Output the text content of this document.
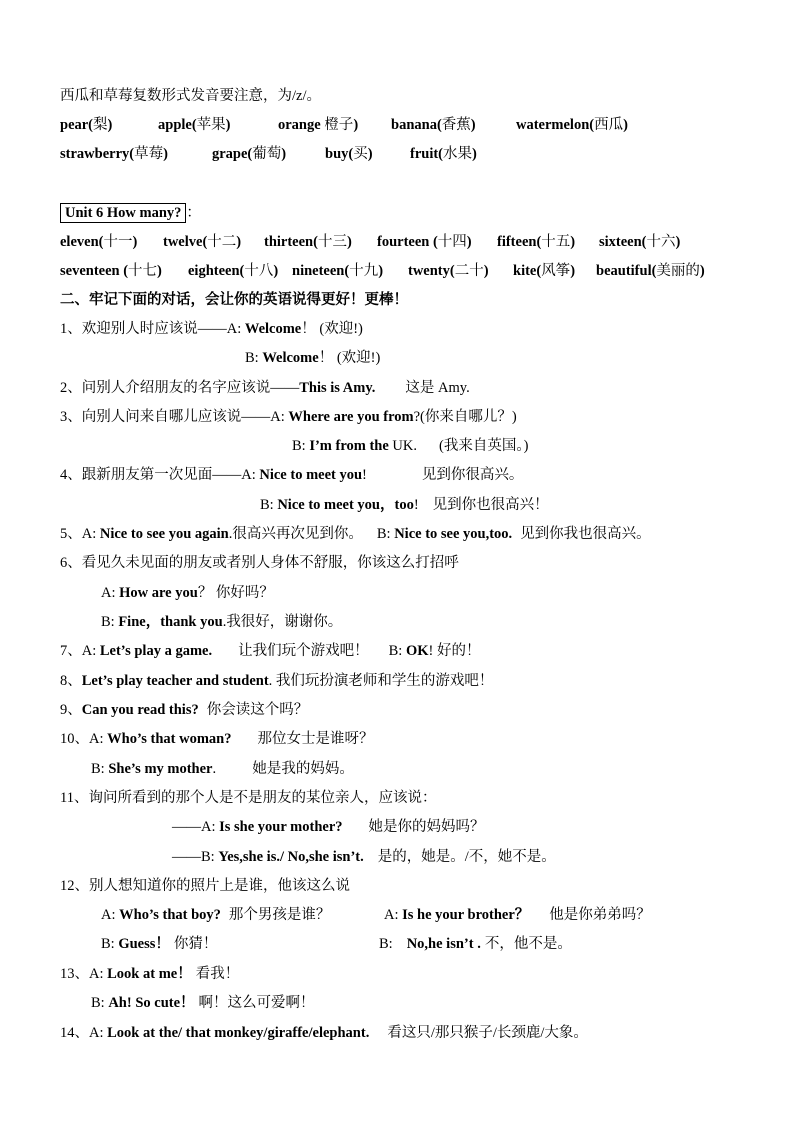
西瓜和草莓复数形式发音要注意，为/z/。
pear(梨)	apple(苹果)	orange 橙子) banana(香蕉)	watermelon(西瓜)
strawberry(草莓)	grape(葡萄)	buy(买)	fruit(水果)
Unit 6 How many? ：
eleven(十一) twelve(十二) thirteen(十三) fourteen (十四) fifteen(十五) sixteen(十六)
seventeen (十七) eighteen(十八) nineteen(十九) twenty(二十) kite(风筝) beautiful(美丽的)
二、牢记下面的对话，会让你的英语说得更好！更棒！
1、欢迎别人时应该说——A: Welcome！ (欢迎!)
B: Welcome！ (欢迎!)
2、问别人介绍朋友的名字应该说——This is Amy. 这是 Amy.
3、向别人问来自哪儿应该说——A: Where are you from?(你来自哪儿？)
B: I’m from the UK. (我来自英国。)
4、跟新朋友第一次见面——A: Nice to meet you!	见到你很高兴。
B: Nice to meet you，too! 见到你也很高兴！
5、A: Nice to see you again.很高兴再次见到你。 B: Nice to see you,too. 见到你我也很高兴。
6、看见久未见面的朋友或者别人身体不舒服，你该这么打招呼
A: How are you？ 你好吗？
B: Fine，thank you.我很好，谢谢你。
7、A: Let’s play a game. 让我们玩个游戏吧！ B: OK! 好的！
8、Let’s play teacher and student. 我们玩扮演老师和学生的游戏吧！
9、Can you read this? 你会读这个吗？
10、A: Who’s that woman? 那位女士是谁呀？
B: She’s my mother.          她是我的妈妈。
11、询问所看到的那个人是不是朋友的某位亲人，应该说：
——A: Is she your mother? 她是你的妈妈吗？
——B: Yes,she is./ No,she isn’t. 是的，她是。/不，她不是。
12、别人想知道你的照片上是谁，他该这么说
A: Who’s that boy? 那个男孩是谁？	A: Is he your brother？ 他是你弟弟吗？
B: Guess！ 你猜！	B: No,he isn’t . 不，他不是。
13、A: Look at me！ 看我！
B: Ah! So cute！ 啊！这么可爱啊！
14、A: Look at the/ that monkey/giraffe/elephant. 看这只/那只猴子/长颈鹿/大象。
